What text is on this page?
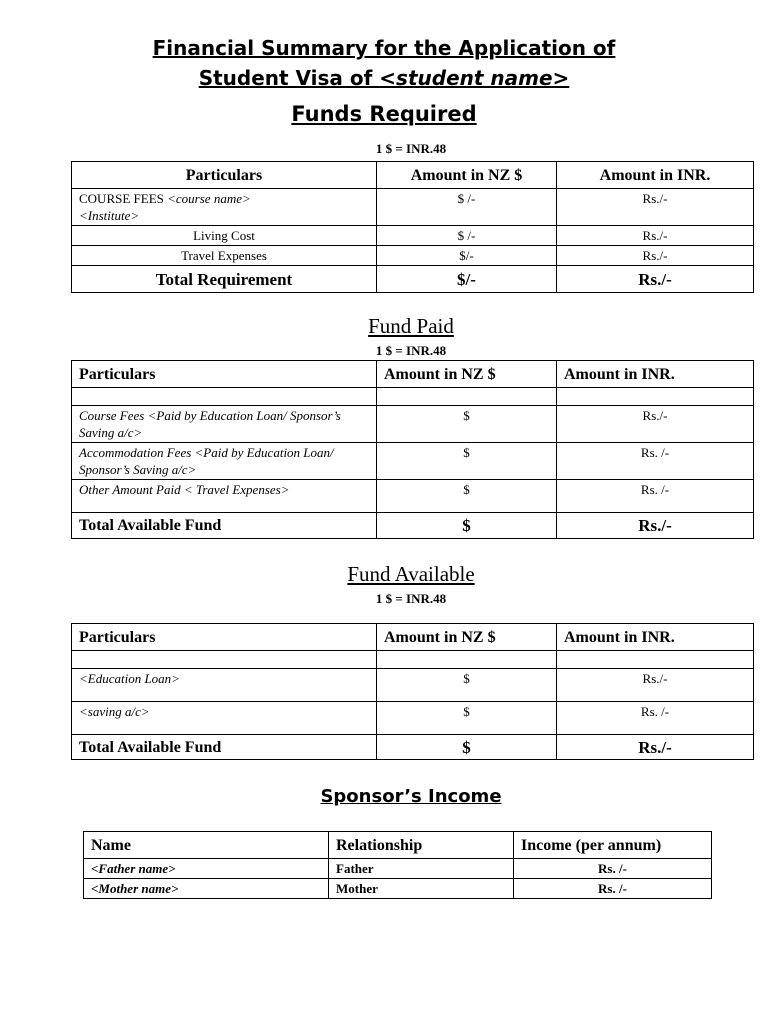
Financial Summary for the Application of
Student Visa of <student name>
Funds Required
1 $ = INR.48
Particulars	Amount in NZ $	Amount in INR.
COURSE FEES <course name>
<Institute>	$ /-	Rs./-
Living Cost	$ /-	Rs./-
Travel Expenses	$/-	Rs./-
Total Requirement	$/-	Rs./-
Fund Paid
1 $ = INR.48
Particulars	Amount in NZ $	Amount in INR.

Course Fees <Paid by Education Loan/ Sponsor’s Saving a/c>	$	Rs./-
Accommodation Fees <Paid by Education Loan/ Sponsor’s Saving a/c>	$	Rs. /-
Other Amount Paid < Travel Expenses>	$	Rs. /-
Total Available Fund	$	Rs./-
Fund Available
1 $ = INR.48
Particulars	Amount in NZ $	Amount in INR.

<Education Loan>	$	Rs./-
<saving a/c>	$	Rs. /-
Total Available Fund	$	Rs./-
Sponsor’s Income
Name	Relationship	Income (per annum)
<Father name>	Father	Rs. /-
<Mother name>	Mother	Rs. /-
